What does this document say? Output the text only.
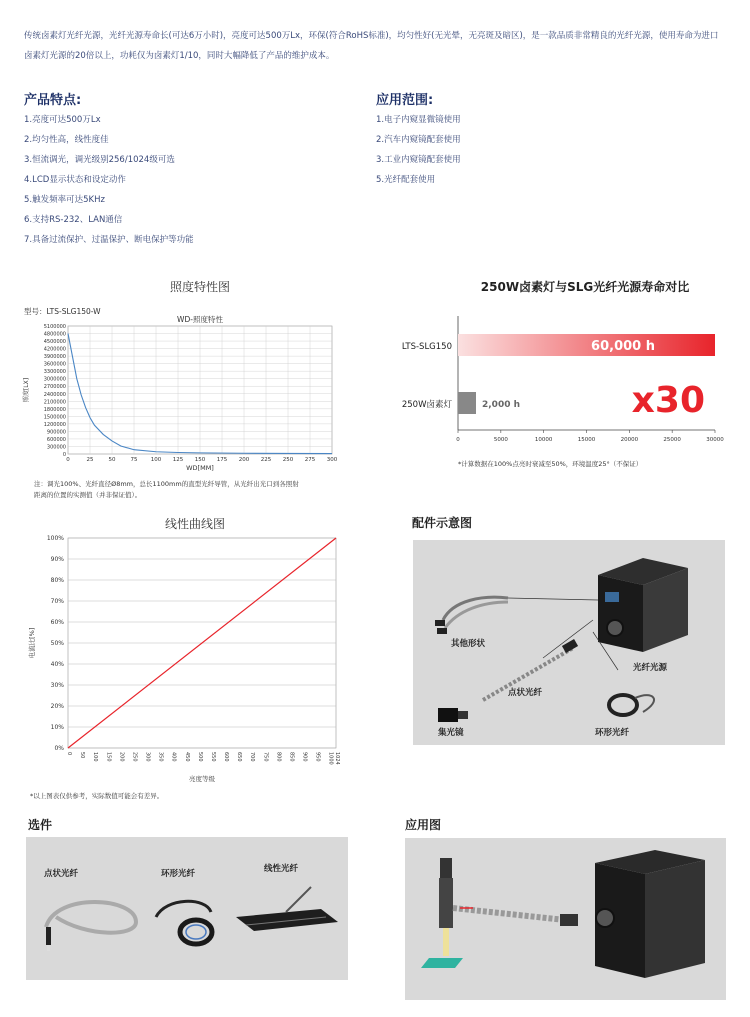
传统卤素灯光纤光源，光纤光源寿命长(可达6万小时)，亮度可达500万Lx，环保(符合RoHS标准)，均匀性好(无光晕，无亮斑及暗区)，是一款品质非常精良的光纤光源，使用寿命为进口卤素灯光源的20倍以上，功耗仅为卤素灯1/10，同时大幅降低了产品的维护成本。

产品特点:
1.亮度可达500万Lx
2.均匀性高，线性度佳
3.恒流调光，调光级别256/1024级可选
4.LCD显示状态和设定动作
5.触发频率可达5KHz
6.支持RS-232、LAN通信
7.具备过流保护、过温保护、断电保护等功能
应用范围:
1.电子内窥显微镜使用
2.汽车内窥镜配套使用
3.工业内窥镜配套使用
5.光纤配套使用
照度特性图
型号：LTS-SLG150-W
WD-照度特性
0
300000
600000
900000
1200000
1500000
1800000
2100000
2400000
2700000
3000000
3300000
3600000
3900000
4200000
4500000
4800000
5100000
0	25	50	75 100 125 150 175 200 225 250 275 300
WD[MM]
照度[LX]
注：调光100%、光纤直径Ø8mm，总长1100mm的直型光纤导管，从光纤出光口到各照射
距离的位置的实测值（并非保证值）。
250W卤素灯与SLG光纤光源寿命对比
0	5000	10000	15000	20000	25000	30000
LTS-SLG150
250W卤素灯
60,000 h
2,000 h	x30
*计算数据在100%点亮时衰减至50%，环境温度25°（不保证）
线性曲线图
0%
10%
20%
30%
40%
50%
60%
70%
80%
90%
100%
0 50 100 150 200 250 300 350 400 450 500 550 600 650 700 750 800 850 900 950 1000 1024
亮度等级
电流比[%]
*以上图表仅供参考，实际数值可能会有差异。
配件示意图
其他形状
光纤光源
点状光纤
集光镜	环形光纤
选件
点状光纤	环形光纤	线性光纤
应用图
